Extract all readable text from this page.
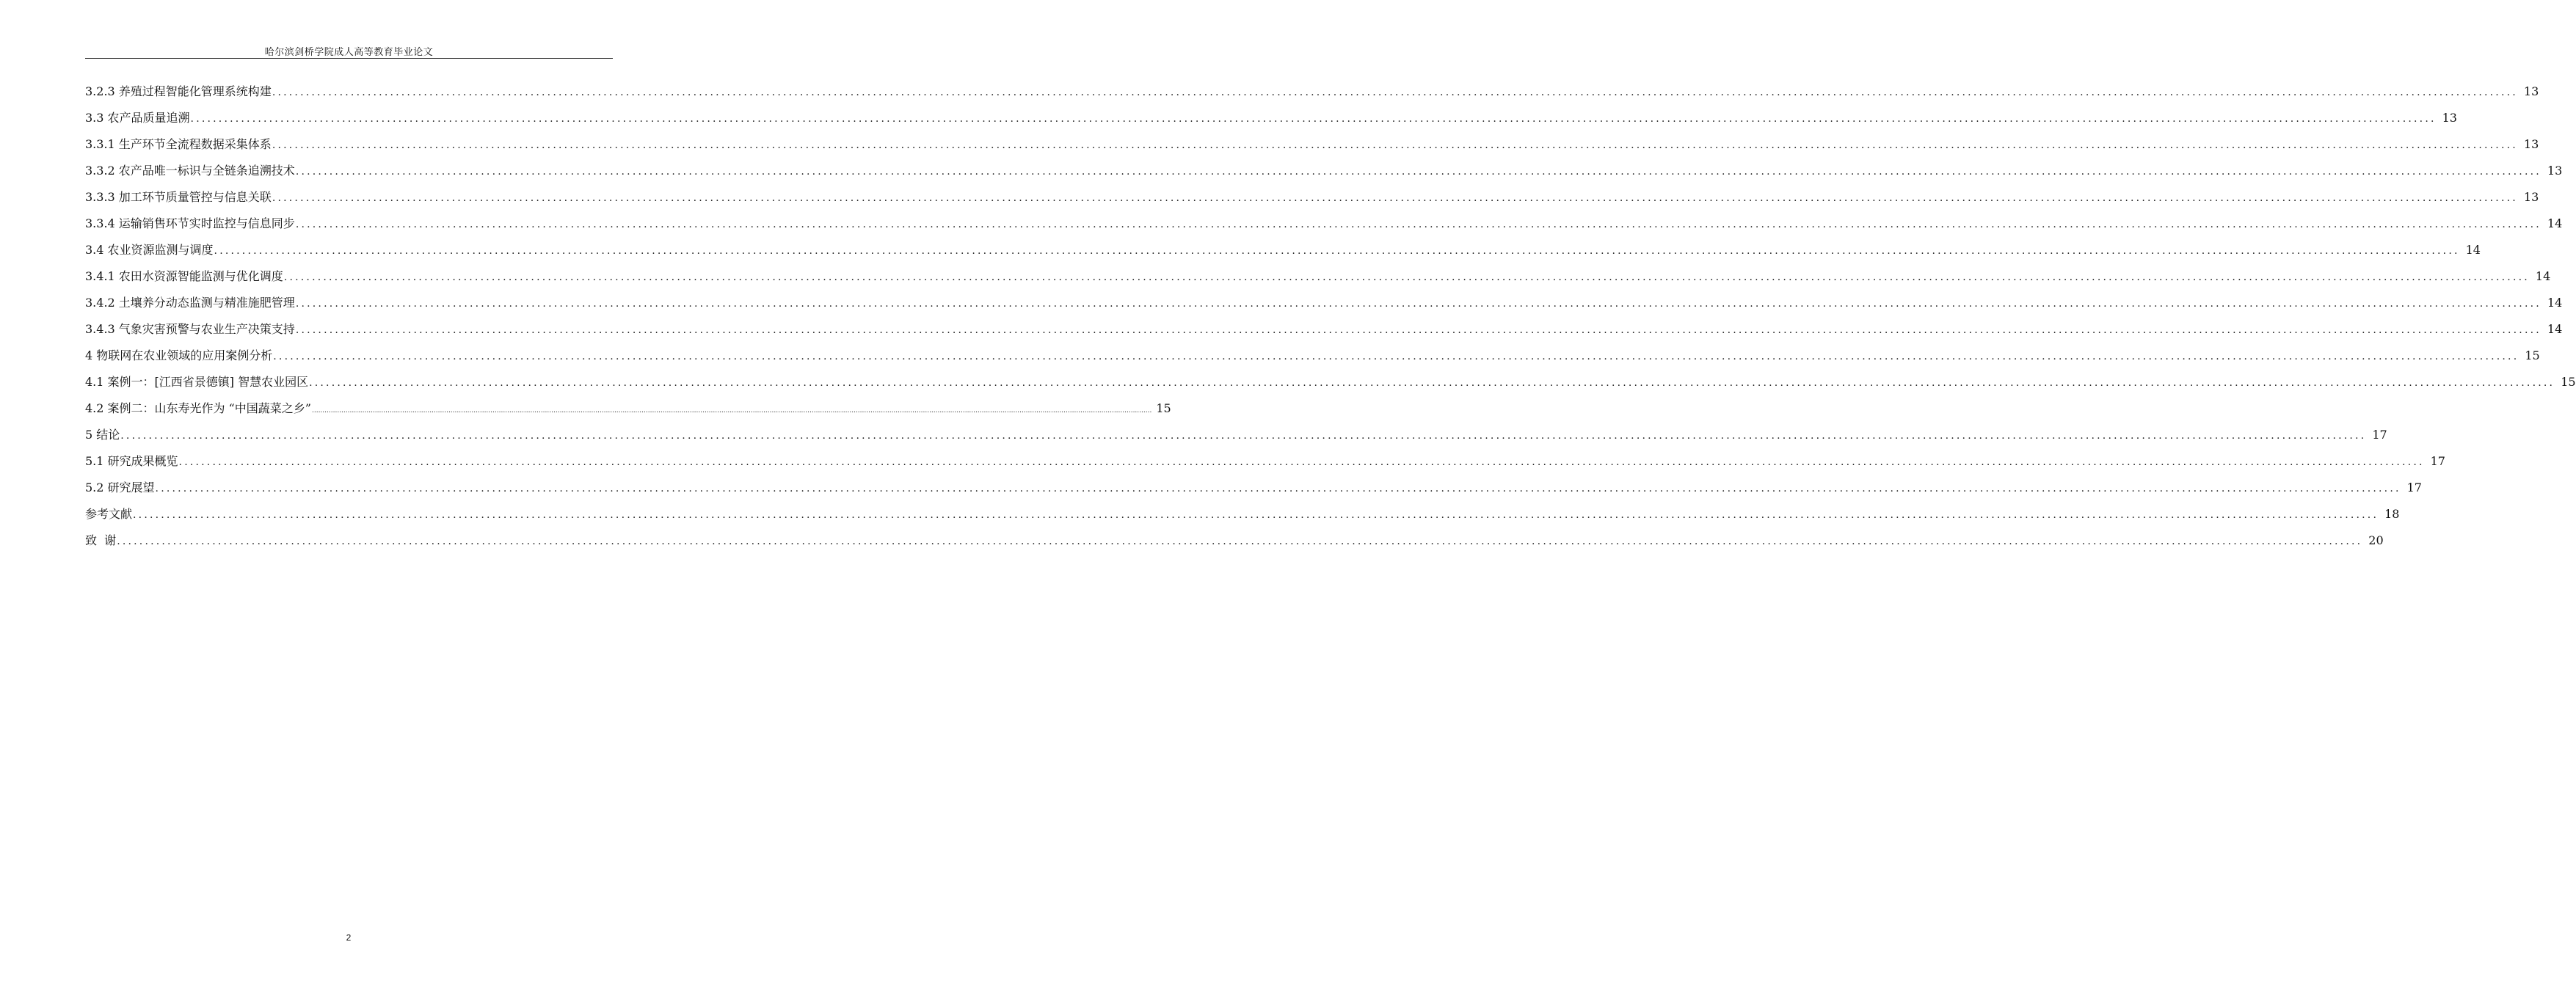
哈尔滨剑桥学院成人高等教育毕业论文
3.2.3 养殖过程智能化管理系统构建 ................................................................................................................................................................................................................................................................................................................................................................................................................ 13
3.3 农产品质量追溯 ................................................................................................................................................................................................................................................................................................................................................................................................................ 13
3.3.1 生产环节全流程数据采集体系 ................................................................................................................................................................................................................................................................................................................................................................................................................ 13
3.3.2 农产品唯一标识与全链条追溯技术 ................................................................................................................................................................................................................................................................................................................................................................................................................ 13
3.3.3 加工环节质量管控与信息关联 ................................................................................................................................................................................................................................................................................................................................................................................................................ 13
3.3.4 运输销售环节实时监控与信息同步 ................................................................................................................................................................................................................................................................................................................................................................................................................ 14
3.4 农业资源监测与调度 ................................................................................................................................................................................................................................................................................................................................................................................................................ 14
3.4.1 农田水资源智能监测与优化调度 ................................................................................................................................................................................................................................................................................................................................................................................................................ 14
3.4.2 土壤养分动态监测与精准施肥管理 ................................................................................................................................................................................................................................................................................................................................................................................................................ 14
3.4.3 气象灾害预警与农业生产决策支持 ................................................................................................................................................................................................................................................................................................................................................................................................................ 14
4 物联网在农业领域的应用案例分析 ................................................................................................................................................................................................................................................................................................................................................................................................................ 15
4.1 案例一：[江西省景德镇] 智慧农业园区 ................................................................................................................................................................................................................................................................................................................................................................................................................ 15
4.2 案例二：山东寿光作为 “中国蔬菜之乡” ................................................................................................................................................................................................................................................................................................................................................................................................................ 15
5 结论 ................................................................................................................................................................................................................................................................................................................................................................................................................ 17
5.1 研究成果概览 ................................................................................................................................................................................................................................................................................................................................................................................................................ 17
5.2 研究展望 ................................................................................................................................................................................................................................................................................................................................................................................................................ 17
参考文献 ................................................................................................................................................................................................................................................................................................................................................................................................................ 18
致  谢 ................................................................................................................................................................................................................................................................................................................................................................................................................ 20
2
